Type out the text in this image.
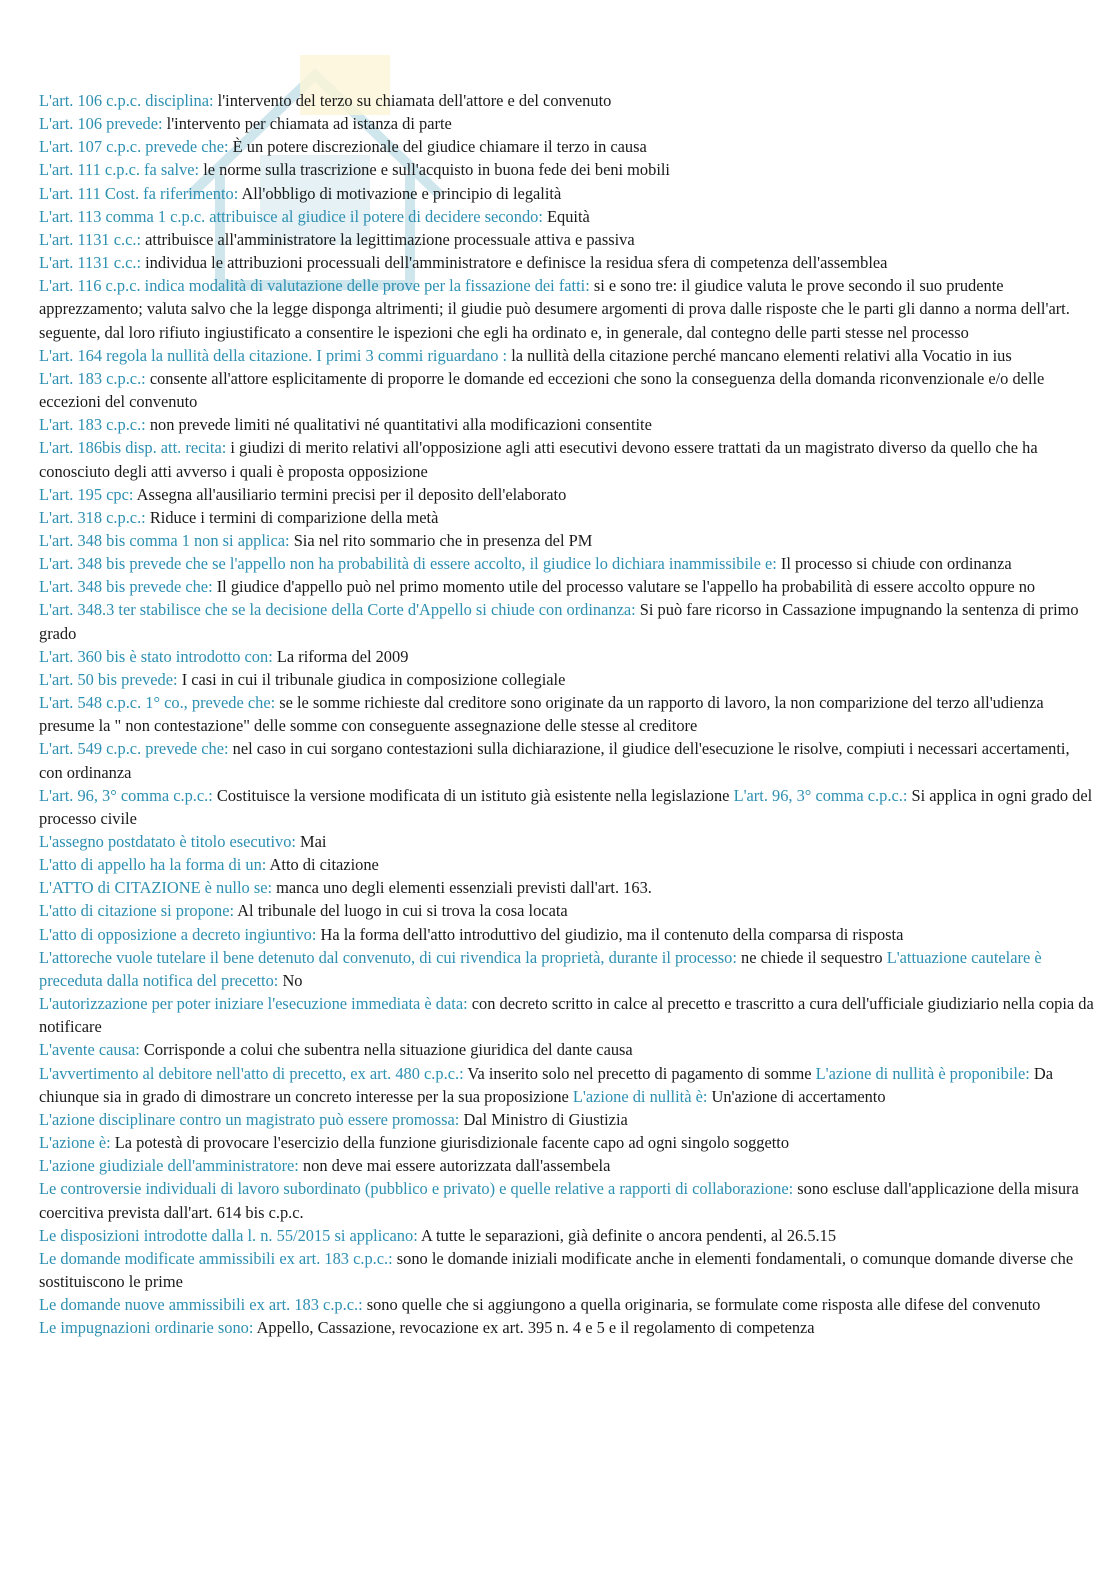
L'art. 106 c.p.c. disciplina: l'intervento del terzo su chiamata dell'attore e del convenuto

L'art. 106 prevede: l'intervento per chiamata ad istanza di parte

L'art. 107 c.p.c. prevede che: È un potere discrezionale del giudice chiamare il terzo in causa

L'art. 111 c.p.c. fa salve: le norme sulla trascrizione e sull'acquisto in buona fede dei beni mobili

L'art. 111 Cost. fa riferimento: All'obbligo di motivazione e principio di legalità

L'art. 113 comma 1 c.p.c. attribuisce al giudice il potere di decidere secondo: Equità

L'art. 1131 c.c.: attribuisce all'amministratore la legittimazione processuale attiva e passiva

L'art. 1131 c.c.: individua le attribuzioni processuali dell'amministratore e definisce la residua sfera di competenza dell'assemblea

L'art. 116 c.p.c. indica modalità di valutazione delle prove per la fissazione dei fatti: si e sono tre: il giudice valuta le prove secondo il suo prudente apprezzamento; valuta salvo che la legge disponga altrimenti; il giudie può desumere argomenti di prova dalle risposte che le parti gli danno a norma dell'art. seguente, dal loro rifiuto ingiustificato a consentire le ispezioni che egli ha ordinato e, in generale, dal contegno delle parti stesse nel processo

L'art. 164 regola la nullità della citazione. I primi 3 commi riguardano : la nullità della citazione perché mancano elementi relativi alla Vocatio in ius

L'art. 183 c.p.c.: consente all'attore esplicitamente di proporre le domande ed eccezioni che sono la conseguenza della domanda riconvenzionale e/o delle eccezioni del convenuto

L'art. 183 c.p.c.: non prevede limiti né qualitativi né quantitativi alla modificazioni consentite

L'art. 186bis disp. att. recita: i giudizi di merito relativi all'opposizione agli atti esecutivi devono essere trattati da un magistrato diverso da quello che ha conosciuto degli atti avverso i quali è proposta opposizione

L'art. 195 cpc: Assegna all'ausiliario termini precisi per il deposito dell'elaborato

L'art. 318 c.p.c.: Riduce i termini di comparizione della metà

L'art. 348 bis comma 1 non si applica: Sia nel rito sommario che in presenza del PM

L'art. 348 bis prevede che se l'appello non ha probabilità di essere accolto, il giudice lo dichiara inammissibile e: Il processo si chiude con ordinanza

L'art. 348 bis prevede che: Il giudice d'appello può nel primo momento utile del processo valutare se l'appello ha probabilità di essere accolto oppure no

L'art. 348.3 ter stabilisce che se la decisione della Corte d'Appello si chiude con ordinanza: Si può fare ricorso in Cassazione impugnando la sentenza di primo grado

L'art. 360 bis è stato introdotto con: La riforma del 2009

L'art. 50 bis prevede: I casi in cui il tribunale giudica in composizione collegiale

L'art. 548 c.p.c. 1° co., prevede che: se le somme richieste dal creditore sono originate da un rapporto di lavoro, la non comparizione del terzo all'udienza presume la " non contestazione" delle somme con conseguente assegnazione delle stesse al creditore

L'art. 549 c.p.c. prevede che: nel caso in cui sorgano contestazioni sulla dichiarazione, il giudice dell'esecuzione le risolve, compiuti i necessari accertamenti, con ordinanza

L'art. 96, 3° comma c.p.c.: Costituisce la versione modificata di un istituto già esistente nella legislazione L'art. 96, 3° comma c.p.c.: Si applica in ogni grado del processo civile

L'assegno postdatato è titolo esecutivo: Mai

L'atto di appello ha la forma di un: Atto di citazione

L'ATTO di CITAZIONE è nullo se: manca uno degli elementi essenziali previsti dall'art. 163.

L'atto di citazione si propone: Al tribunale del luogo in cui si trova la cosa locata

L'atto di opposizione a decreto ingiuntivo: Ha la forma dell'atto introduttivo del giudizio, ma il contenuto della comparsa di risposta

L'attoreche vuole tutelare il bene detenuto dal convenuto, di cui rivendica la proprietà, durante il processo: ne chiede il sequestro L'attuazione cautelare è preceduta dalla notifica del precetto: No

L'autorizzazione per poter iniziare l'esecuzione immediata è data: con decreto scritto in calce al precetto e trascritto a cura dell'ufficiale giudiziario nella copia da notificare

L'avente causa: Corrisponde a colui che subentra nella situazione giuridica del dante causa

L'avvertimento al debitore nell'atto di precetto, ex art. 480 c.p.c.: Va inserito solo nel precetto di pagamento di somme L'azione di nullità è proponibile: Da chiunque sia in grado di dimostrare un concreto interesse per la sua proposizione L'azione di nullità è: Un'azione di accertamento

L'azione disciplinare contro un magistrato può essere promossa: Dal Ministro di Giustizia

L'azione è: La potestà di provocare l'esercizio della funzione giurisdizionale facente capo ad ogni singolo soggetto

L'azione giudiziale dell'amministratore: non deve mai essere autorizzata dall'assembela

Le controversie individuali di lavoro subordinato (pubblico e privato) e quelle relative a rapporti di collaborazione: sono escluse dall'applicazione della misura coercitiva prevista dall'art. 614 bis c.p.c.

Le disposizioni introdotte dalla l. n. 55/2015 si applicano: A tutte le separazioni, già definite o ancora pendenti, al 26.5.15

Le domande modificate ammissibili ex art. 183 c.p.c.: sono le domande iniziali modificate anche in elementi fondamentali, o comunque domande diverse che sostituiscono le prime

Le domande nuove ammissibili ex art. 183 c.p.c.: sono quelle che si aggiungono a quella originaria, se formulate come risposta alle difese del convenuto

Le impugnazioni ordinarie sono: Appello, Cassazione, revocazione ex art. 395 n. 4 e 5 e il regolamento di competenza
